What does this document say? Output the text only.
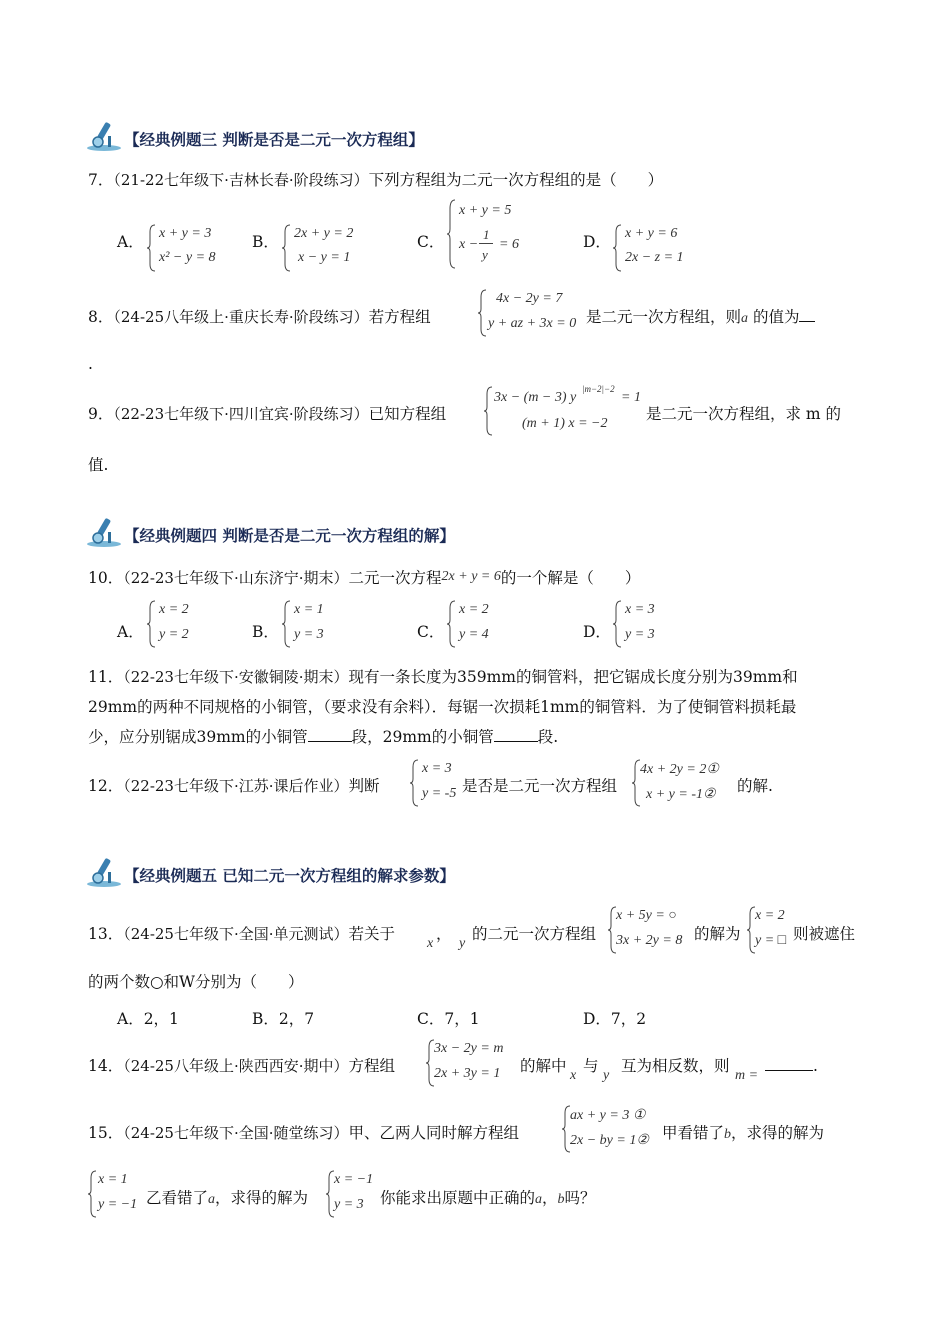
【经典例题三 判断是否是二元一次方程组】
7．（21-22七年级下·吉林长春·阶段练习）下列方程组为二元一次方程组的是（　　）
A． x + y = 3
x² − y = 8
B． 2x + y = 2
x − y = 1
C．
x + y = 5
x −
1
y
= 6	D． x + y = 6
2x − z = 1
8．（24-25八年级上·重庆长寿·阶段练习）若方程组
4x − 2y = 7
y + az + 3x = 0 是二元一次方程组，则a 的值为
.
9．（22-23七年级下·四川宜宾·阶段练习）已知方程组
3x − (m − 3) y
|m−2|−2
= 1
(m + 1) x = −2
是二元一次方程组，求 m 的
值.
【经典例题四 判断是否是二元一次方程组的解】
10．（22-23七年级下·山东济宁·期末）二元一次方程2x + y = 6的一个解是（　　）
A．
x = 2
y = 2	B．
x = 1
y = 3	C．
x = 2
y = 4	D．
x = 3
y = 3
11．（22-23七年级下·安徽铜陵·期末）现有一条长度为359mm的铜管料，把它锯成长度分别为39mm和
29mm的两种不同规格的小铜管，（要求没有余料）．每锯一次损耗1mm的铜管料．为了使铜管料损耗最
少，应分别锯成39mm的小铜管	段，29mm的小铜管	段.
12．（22-23七年级下·江苏·课后作业）判断
x = 3
y = -5 是否是二元一次方程组
4x + 2y = 2①
x + y = -1② 的解.
【经典例题五 已知二元一次方程组的解求参数】
13．（24-25七年级下·全国·单元测试）若关于
x
，
y
的二元一次方程组
x + 5y = ○
3x + 2y = 8 的解为
x = 2
y = □ 则被遮住
的两个数○和W分别为（　　）
A．2，1	B．2，7	C．7，1	D．7，2
14．（24-25八年级上·陕西西安·期中）方程组
3x − 2y = m
2x + 3y = 1 的解中
x
与
y
互为相反数，则
m =
.
15．（24-25七年级下·全国·随堂练习）甲、乙两人同时解方程组
ax + y = 3 ①
2x − by = 1② 甲看错了b，求得的解为
x = 1
y = −1 乙看错了a，求得的解为
x = −1
y = 3 你能求出原题中正确的a，b吗？
